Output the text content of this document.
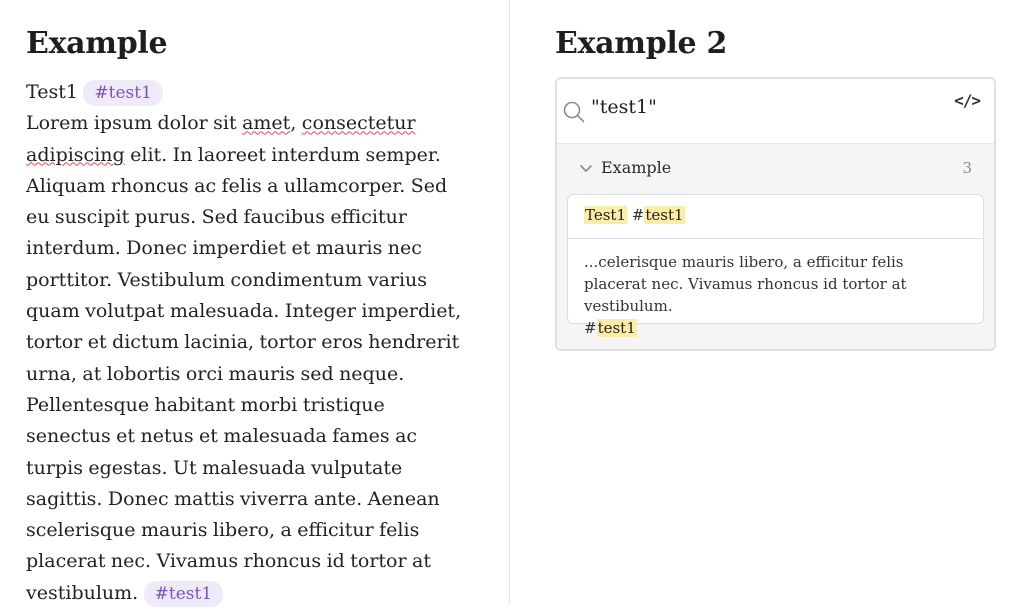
Example

Test1 #test1
Lorem ipsum dolor sit amet, consectetur adipiscing elit. In laoreet interdum semper. Aliquam rhoncus ac felis a ullamcorper. Sed eu suscipit purus. Sed faucibus efficitur interdum. Donec imperdiet et mauris nec porttitor. Vestibulum condimentum varius quam volutpat malesuada. Integer imperdiet, tortor et dictum lacinia, tortor eros hendrerit urna, at lobortis orci mauris sed neque. Pellentesque habitant morbi tristique senectus et netus et malesuada fames ac turpis egestas. Ut malesuada vulputate sagittis. Donec mattis viverra ante. Aenean scelerisque mauris libero, a efficitur felis placerat nec. Vivamus rhoncus id tortor at vestibulum. #test1

Example 2
"test1"	</>
Example	3
Test1 #test1
...celerisque mauris libero, a efficitur felis placerat nec. Vivamus rhoncus id tortor at vestibulum.
#test1
